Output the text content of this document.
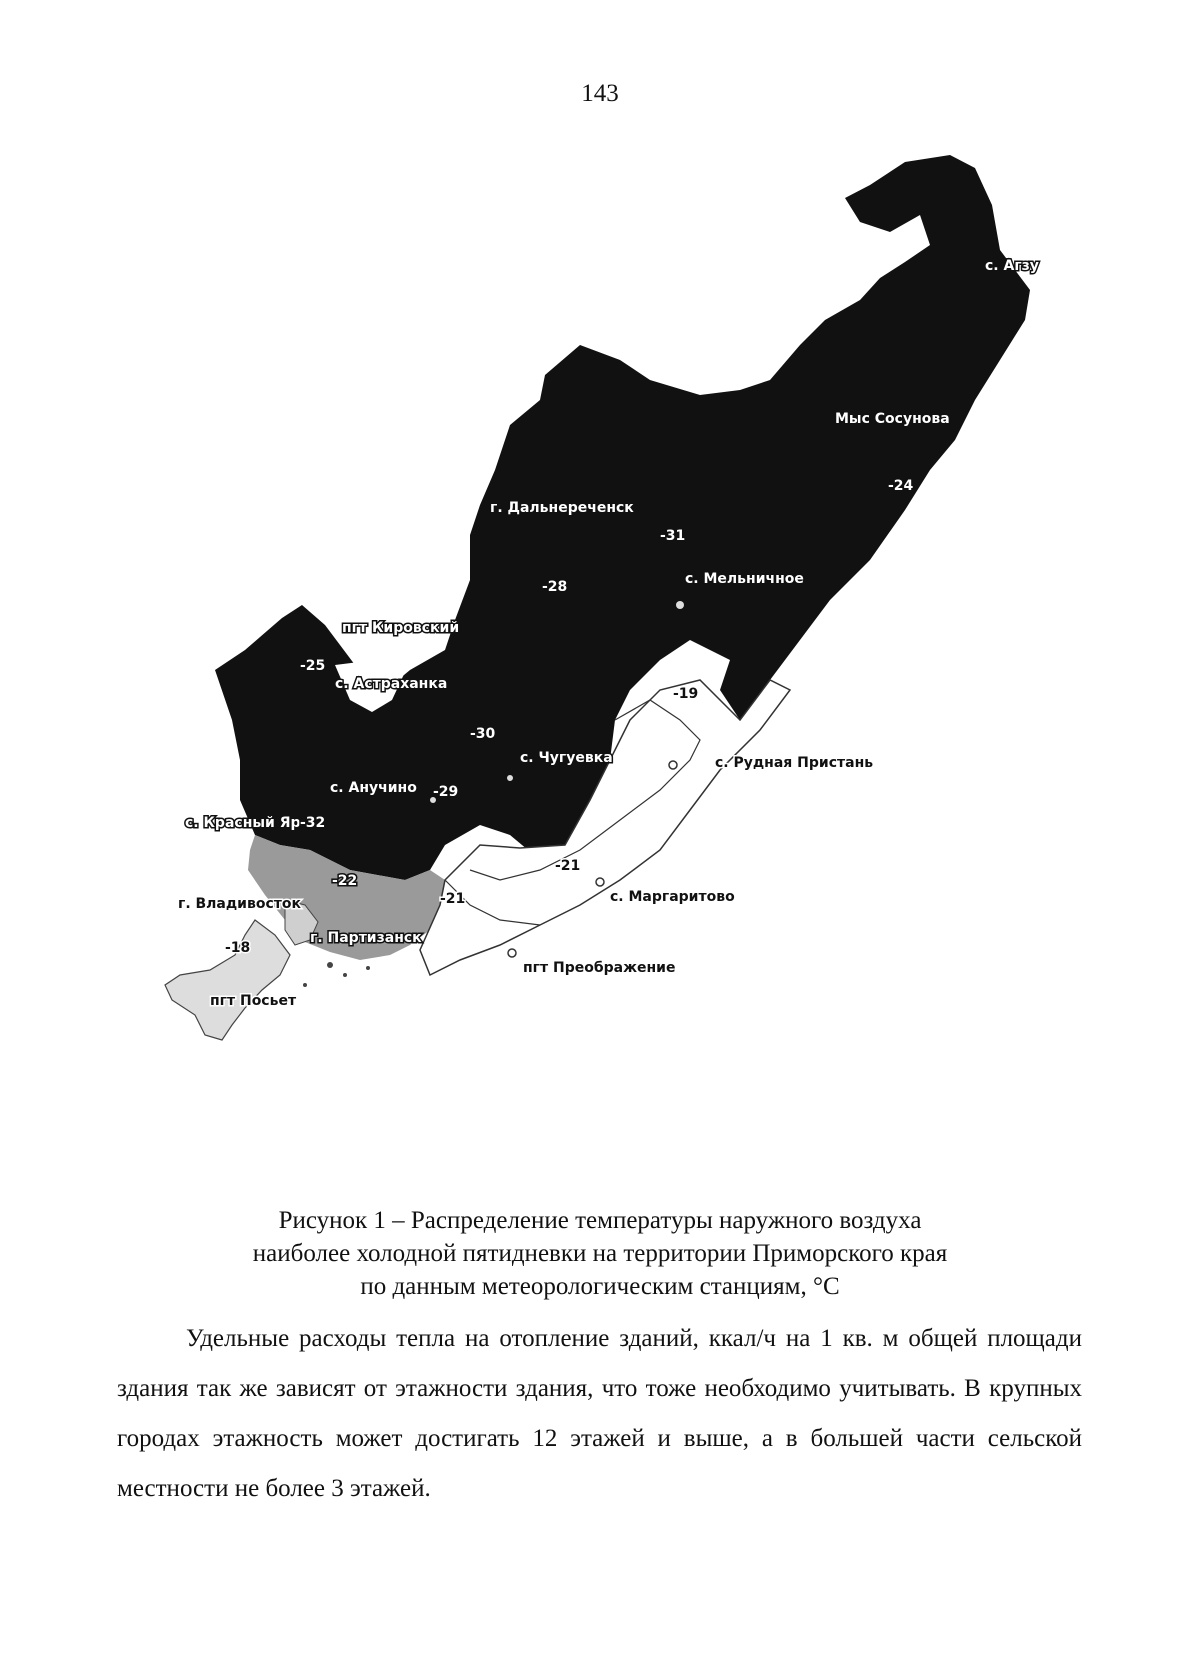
143
с. Агзу
Мыс Сосунова
г. Дальнереченск
с. Мельничное
пгт Кировский
с. Астраханка
с. Чугуевка	с. Рудная Пристань
с. Анучино
с. Красный Яр
г. Владивосток
г. Партизанск
с. Маргаритово
пгт Преображение
пгт Посьет
-24
-31
-28
-25
-19
-30
-29
-32
-22
-21
-21
-18
Рисунок 1 – Распределение температуры наружного воздуха
наиболее холодной пятидневки на территории Приморского края
по данным метеорологическим станциям, °С

Удельные расходы тепла на отопление зданий, ккал/ч на 1 кв. м общей площади здания так же зависят от этажности здания, что тоже необходимо учитывать. В крупных городах этажность может достигать 12 этажей и выше, а в большей части сельской местности не более 3 этажей.
